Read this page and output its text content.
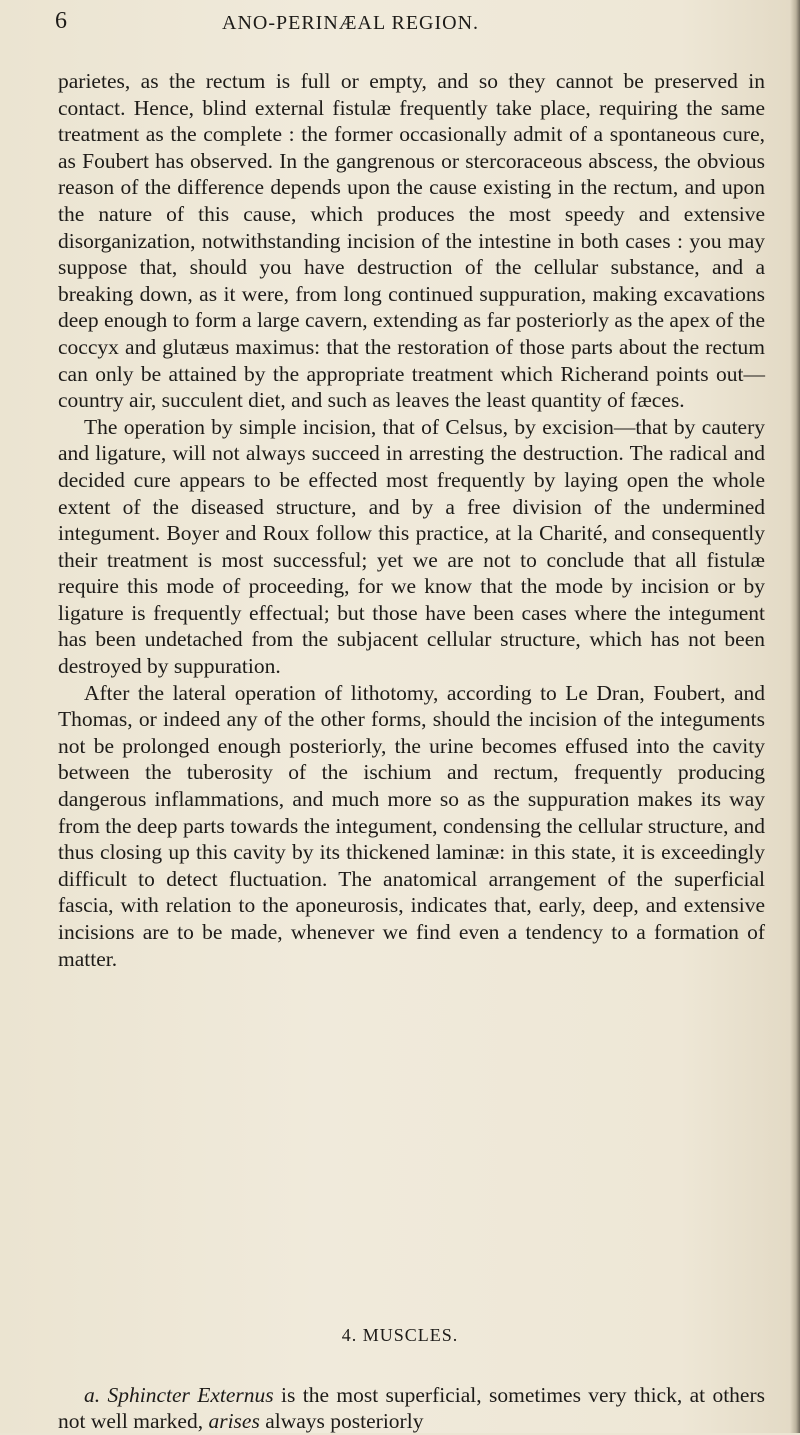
6	ANO-PERINÆAL REGION.

parietes, as the rectum is full or empty, and so they cannot be preserved in contact. Hence, blind external fistulæ frequently take place, requiring the same treatment as the complete : the former occasionally admit of a spontaneous cure, as Foubert has observed. In the gangrenous or stercoraceous abscess, the obvious reason of the difference depends upon the cause existing in the rectum, and upon the nature of this cause, which produces the most speedy and extensive disorganization, notwithstanding incision of the intestine in both cases : you may suppose that, should you have destruction of the cellular substance, and a breaking down, as it were, from long continued suppuration, making excavations deep enough to form a large cavern, extending as far posteriorly as the apex of the coccyx and glutæus maximus: that the restoration of those parts about the rectum can only be attained by the appropriate treatment which Richerand points out—country air, succulent diet, and such as leaves the least quantity of fæces.

The operation by simple incision, that of Celsus, by excision—that by cautery and ligature, will not always succeed in arresting the destruction. The radical and decided cure appears to be effected most frequently by laying open the whole extent of the diseased structure, and by a free division of the undermined integument. Boyer and Roux follow this practice, at la Charité, and consequently their treatment is most successful; yet we are not to conclude that all fistulæ require this mode of proceeding, for we know that the mode by incision or by ligature is frequently effectual; but those have been cases where the integument has been undetached from the subjacent cellular structure, which has not been destroyed by suppuration.

After the lateral operation of lithotomy, according to Le Dran, Foubert, and Thomas, or indeed any of the other forms, should the incision of the integuments not be prolonged enough posteriorly, the urine becomes effused into the cavity between the tuberosity of the ischium and rectum, frequently producing dangerous inflammations, and much more so as the suppuration makes its way from the deep parts towards the integument, condensing the cellular structure, and thus closing up this cavity by its thickened laminæ: in this state, it is exceedingly difficult to detect fluctuation. The anatomical arrangement of the superficial fascia, with relation to the aponeurosis, indicates that, early, deep, and extensive incisions are to be made, whenever we find even a tendency to a formation of matter.

4. MUSCLES.

a. Sphincter Externus is the most superficial, sometimes very thick, at others not well marked, arises always posteriorly
